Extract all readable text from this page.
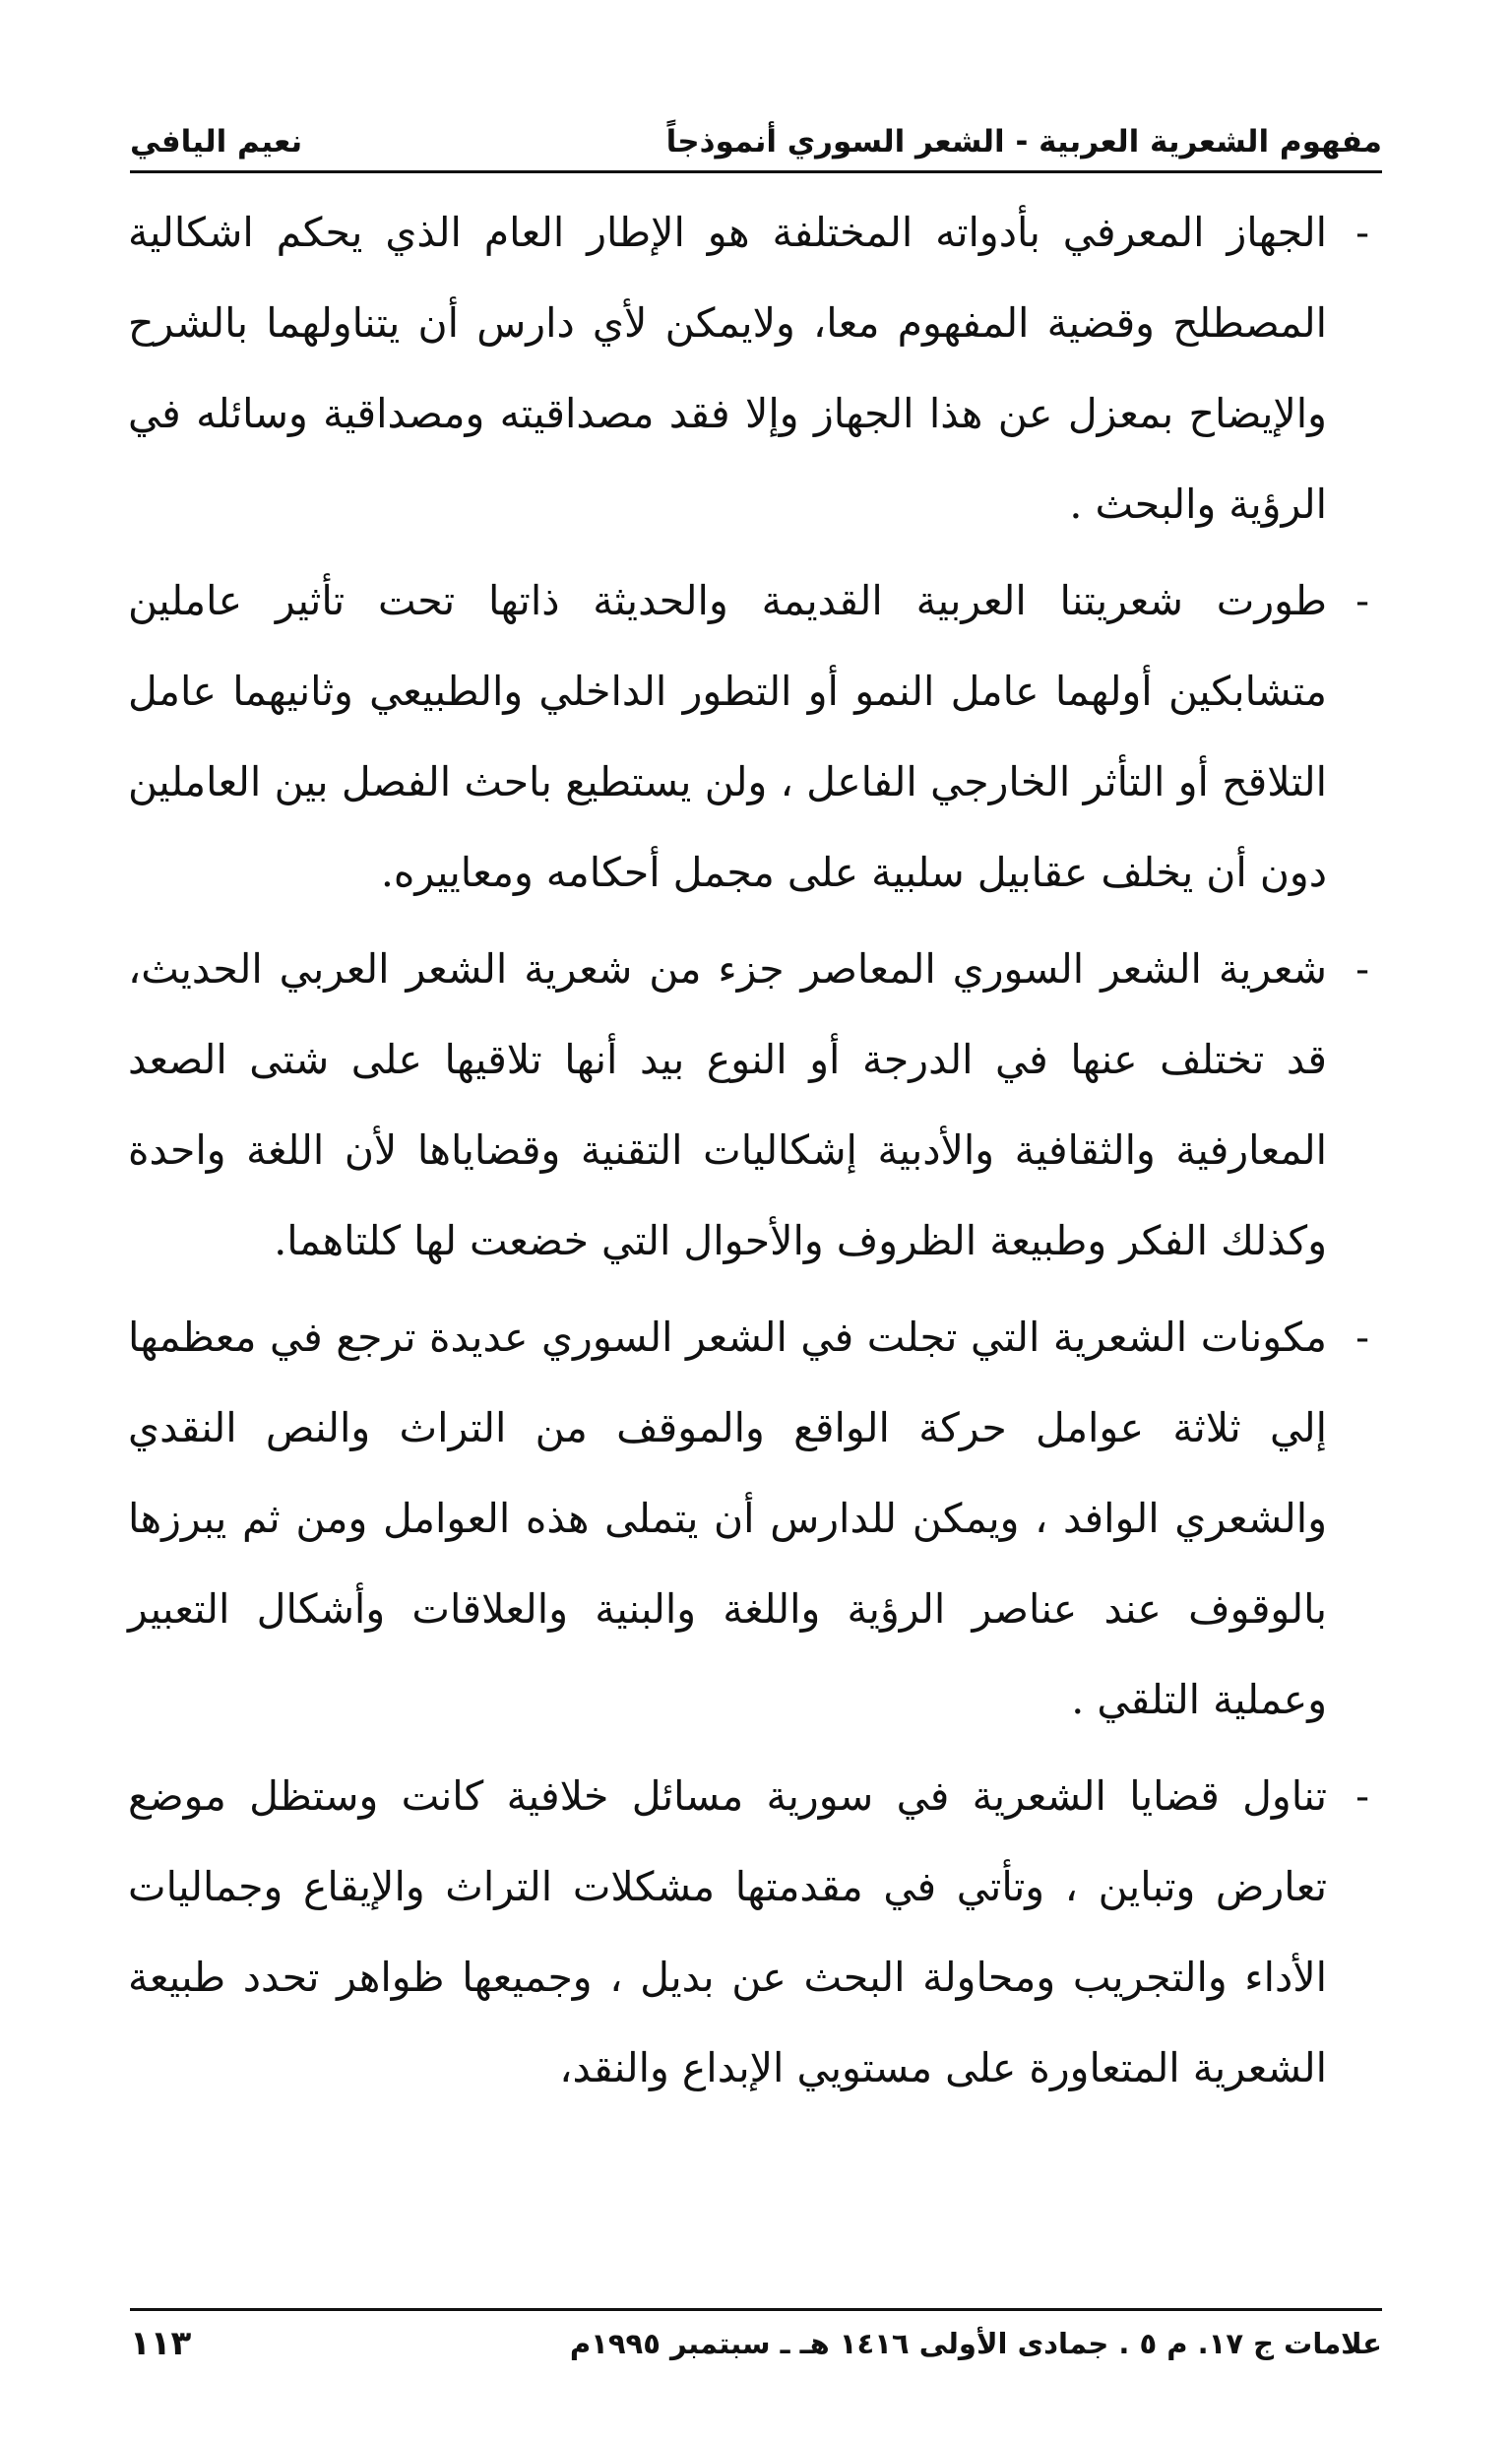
مفهوم الشعرية العربية - الشعر السوري أنموذجاً
نعيم اليافي

-
الجهاز المعرفي بأدواته المختلفة هو الإطار العام الذي يحكم اشكالية المصطلح وقضية المفهوم معا، ولايمكن لأي دارس أن يتناولهما بالشرح والإيضاح بمعزل عن هذا الجهاز وإلا فقد مصداقيته ومصداقية وسائله في الرؤية والبحث .

-
طورت شعريتنا العربية القديمة والحديثة ذاتها تحت تأثير عاملين متشابكين أولهما عامل النمو أو التطور الداخلي والطبيعي وثانيهما عامل التلاقح أو التأثر الخارجي الفاعل ، ولن يستطيع باحث الفصل بين العاملين دون أن يخلف عقابيل سلبية على مجمل أحكامه ومعاييره.

-
شعرية الشعر السوري المعاصر جزء من شعرية الشعر العربي الحديث، قد تختلف عنها في الدرجة أو النوع بيد أنها تلاقيها على شتى الصعد المعارفية والثقافية والأدبية إشكاليات التقنية وقضاياها لأن اللغة واحدة وكذلك الفكر وطبيعة الظروف والأحوال التي خضعت لها كلتاهما.

-
مكونات الشعرية التي تجلت في الشعر السوري عديدة ترجع في معظمها إلي ثلاثة عوامل حركة الواقع والموقف من التراث والنص النقدي والشعري الوافد ، ويمكن للدارس أن يتملى هذه العوامل ومن ثم يبرزها بالوقوف عند عناصر الرؤية واللغة والبنية والعلاقات وأشكال التعبير وعملية التلقي .

-
تناول قضايا الشعرية في سورية مسائل خلافية كانت وستظل موضع تعارض وتباين ، وتأتي في مقدمتها مشكلات التراث والإيقاع وجماليات الأداء والتجريب ومحاولة البحث عن بديل ، وجميعها ظواهر تحدد طبيعة الشعرية المتعاورة على مستويي الإبداع والنقد،

علامات ج ١٧. م ٥ . جمادى الأولى ١٤١٦ هـ ـ سبتمبر ١٩٩٥م
١١٣
